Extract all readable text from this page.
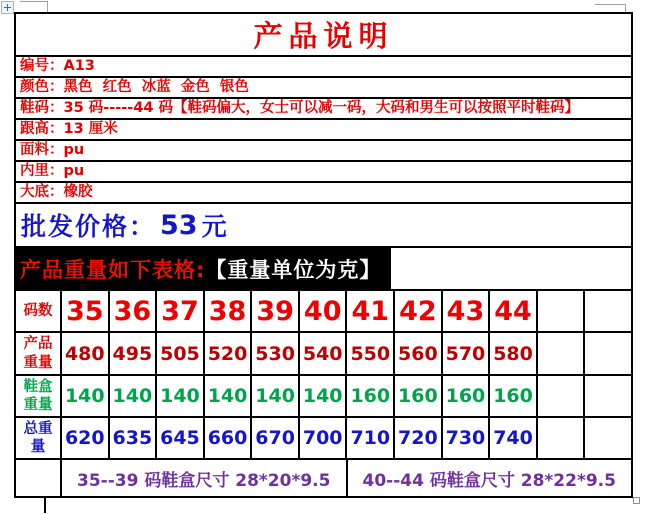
产品说明
编号： A13
颜色： 黑色  红色  冰蓝  金色  银色
鞋码： 35 码-----44 码【鞋码偏大，女士可以减一码，大码和男生可以按照平时鞋码】
跟高： 13 厘米
面料： pu
内里： pu
大底： 橡胶
批发价格： 53 元
产品重量如下表格: 【重量单位为克】
码数 35 36 37 38 39 40 41 42 43 44
产品重量 480 495 505 520 530 540 550 560 570 580
鞋盒重量 140 140 140 140 140 140 160 160 160 160
总重量	620 635 645 660 670 700 710 720 730 740
35--39 码鞋盒尺寸 28*20*9.5 40--44 码鞋盒尺寸 28*22*9.5
